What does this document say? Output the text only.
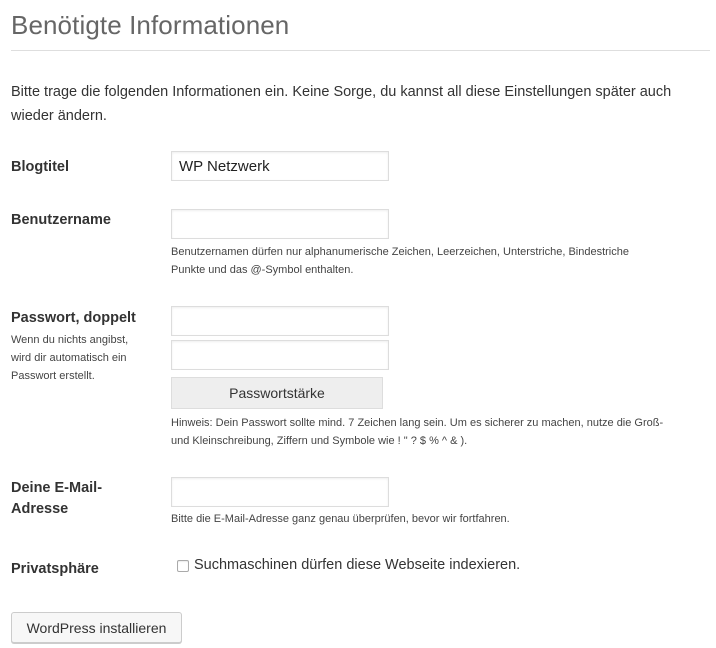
Benötigte Informationen

Bitte trage die folgenden Informationen ein. Keine Sorge, du kannst all diese Einstellungen später auch wieder ändern.

Blogtitel
WP Netzwerk
Benutzername
Benutzernamen dürfen nur alphanumerische Zeichen, Leerzeichen, Unterstriche, Bindestriche
Punkte und das @-Symbol enthalten.
Passwort, doppelt
Wenn du nichts angibst,
wird dir automatisch ein
Passwort erstellt.
Passwortstärke
Hinweis: Dein Passwort sollte mind. 7 Zeichen lang sein. Um es sicherer zu machen, nutze die Groß-
und Kleinschreibung, Ziffern und Symbole wie ! " ? $ % ^ & ).
Deine E-Mail-
Adresse
Bitte die E-Mail-Adresse ganz genau überprüfen, bevor wir fortfahren.
Privatsphäre	Suchmaschinen dürfen diese Webseite indexieren.
WordPress installieren
